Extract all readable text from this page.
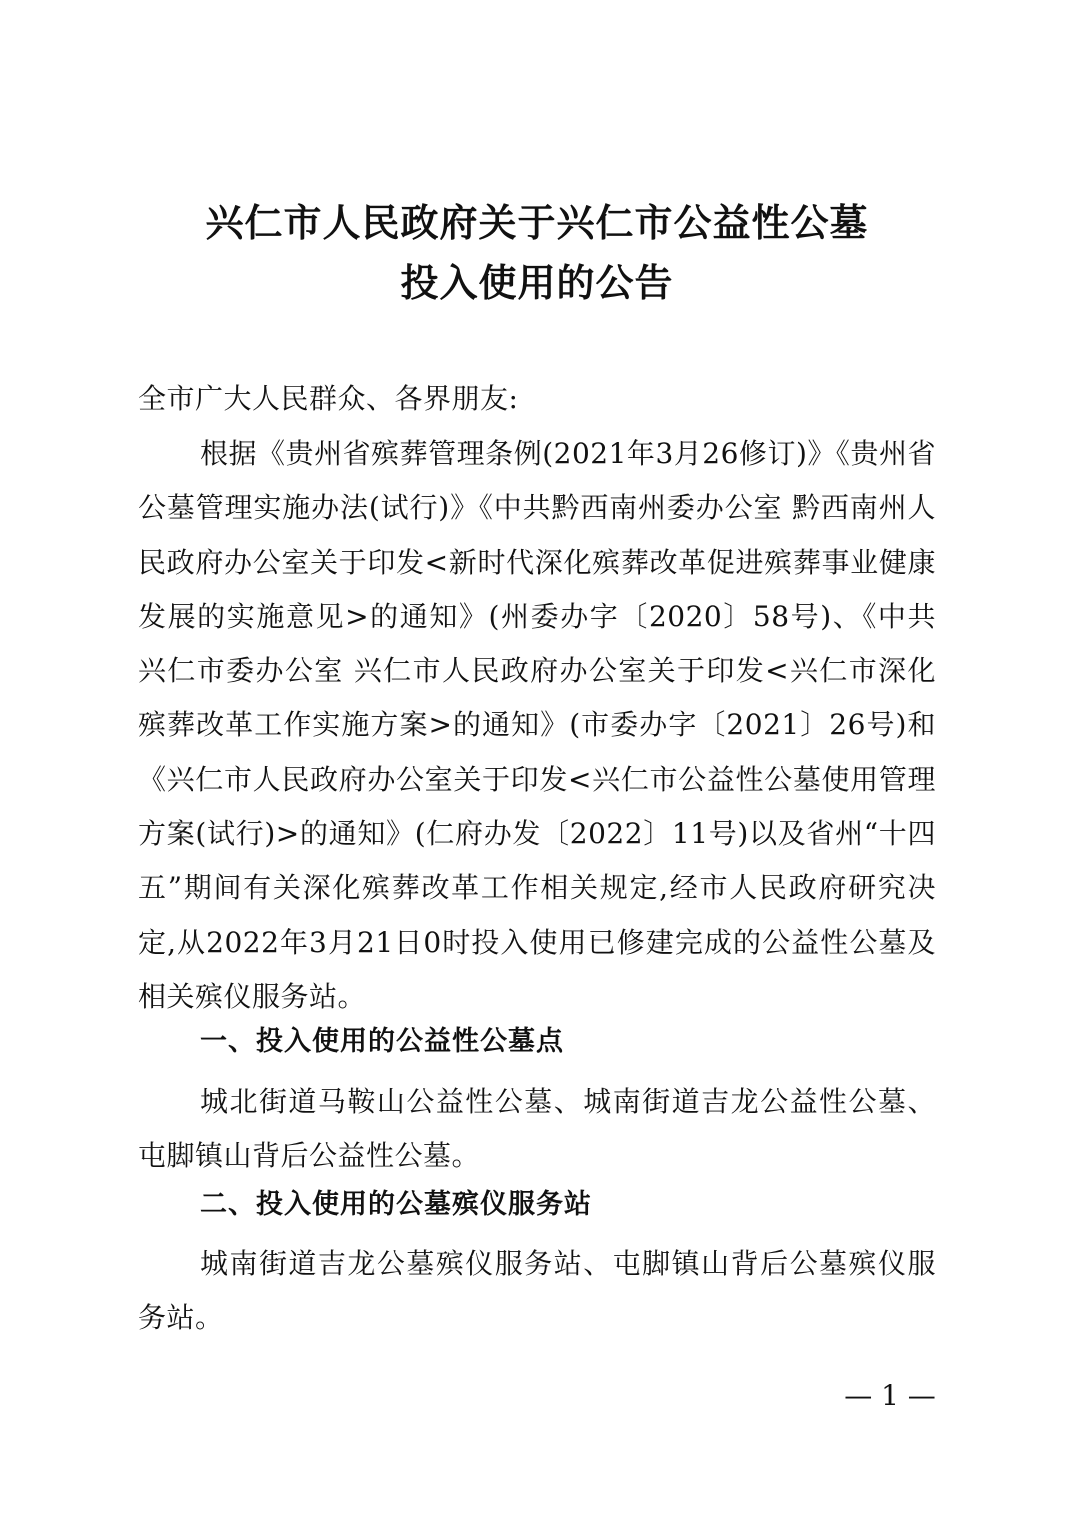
兴仁市人民政府关于兴仁市公益性公墓
投入使用的公告

全市广大人民群众、各界朋友:

根据《贵州省殡葬管理条例(2021年3月26修订)》《贵州省公墓管理实施办法(试行)》《中共黔西南州委办公室 黔西南州人民政府办公室关于印发<新时代深化殡葬改革促进殡葬事业健康发展的实施意见>的通知》(州委办字〔2020〕58号)、《中共兴仁市委办公室 兴仁市人民政府办公室关于印发<兴仁市深化殡葬改革工作实施方案>的通知》(市委办字〔2021〕26号)和《兴仁市人民政府办公室关于印发<兴仁市公益性公墓使用管理方案(试行)>的通知》(仁府办发〔2022〕11号)以及省州“十四五”期间有关深化殡葬改革工作相关规定,经市人民政府研究决定,从2022年3月21日0时投入使用已修建完成的公益性公墓及相关殡仪服务站。

一、投入使用的公益性公墓点

城北街道马鞍山公益性公墓、城南街道吉龙公益性公墓、屯脚镇山背后公益性公墓。

二、投入使用的公墓殡仪服务站

城南街道吉龙公墓殡仪服务站、屯脚镇山背后公墓殡仪服务站。

— 1 —
